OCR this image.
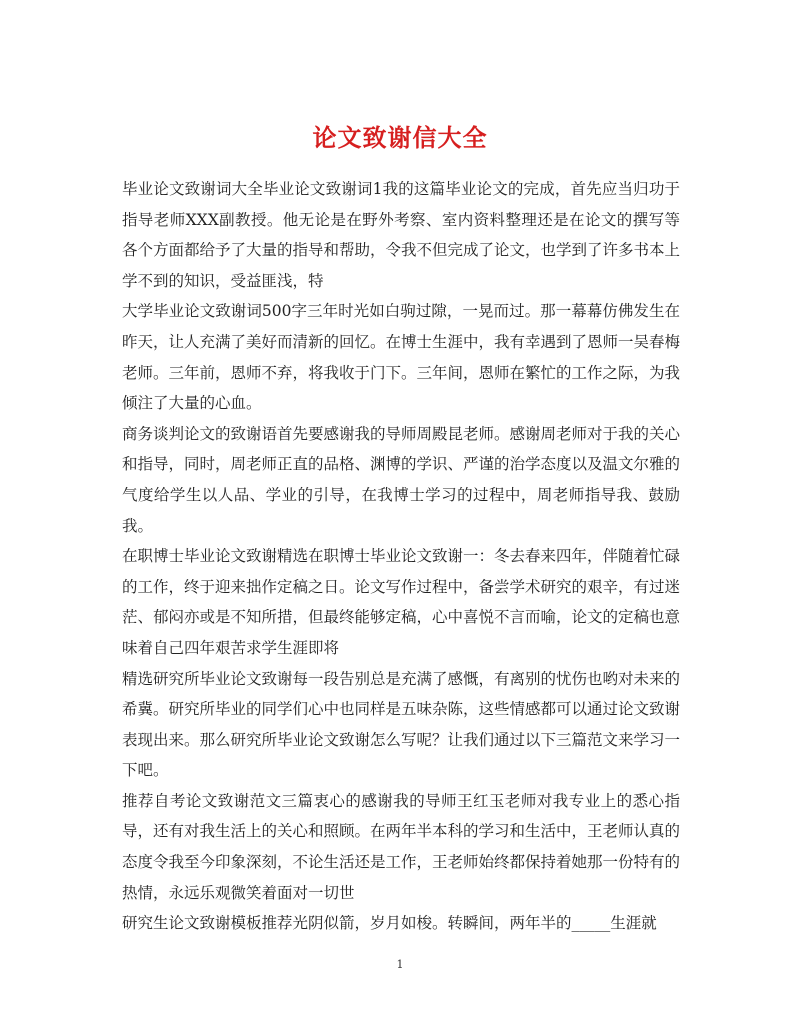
论文致谢信大全

毕业论文致谢词大全毕业论文致谢词1我的这篇毕业论文的完成，首先应当归功于指导老师XXX副教授。他无论是在野外考察、室内资料整理还是在论文的撰写等各个方面都给予了大量的指导和帮助，令我不但完成了论文，也学到了许多书本上学不到的知识，受益匪浅，特

大学毕业论文致谢词500字三年时光如白驹过隙，一晃而过。那一幕幕仿佛发生在昨天，让人充满了美好而清新的回忆。在博士生涯中，我有幸遇到了恩师一吴春梅老师。三年前，恩师不弃，将我收于门下。三年间，恩师在繁忙的工作之际，为我倾注了大量的心血。

商务谈判论文的致谢语首先要感谢我的导师周殿昆老师。感谢周老师对于我的关心和指导，同时，周老师正直的品格、渊博的学识、严谨的治学态度以及温文尔雅的气度给学生以人品、学业的引导，在我博士学习的过程中，周老师指导我、鼓励我。

在职博士毕业论文致谢精选在职博士毕业论文致谢一：冬去春来四年，伴随着忙碌的工作，终于迎来拙作定稿之日。论文写作过程中，备尝学术研究的艰辛，有过迷茫、郁闷亦或是不知所措，但最终能够定稿，心中喜悦不言而喻，论文的定稿也意味着自己四年艰苦求学生涯即将

精选研究所毕业论文致谢每一段告别总是充满了感慨，有离别的忧伤也哟对未来的希冀。研究所毕业的同学们心中也同样是五味杂陈，这些情感都可以通过论文致谢表现出来。那么研究所毕业论文致谢怎么写呢？让我们通过以下三篇范文来学习一下吧。

推荐自考论文致谢范文三篇衷心的感谢我的导师王红玉老师对我专业上的悉心指导，还有对我生活上的关心和照顾。在两年半本科的学习和生活中，王老师认真的态度令我至今印象深刻，不论生活还是工作，王老师始终都保持着她那一份特有的热情，永远乐观微笑着面对一切世

研究生论文致谢模板推荐光阴似箭，岁月如梭。转瞬间，两年半的_____生涯就

1
